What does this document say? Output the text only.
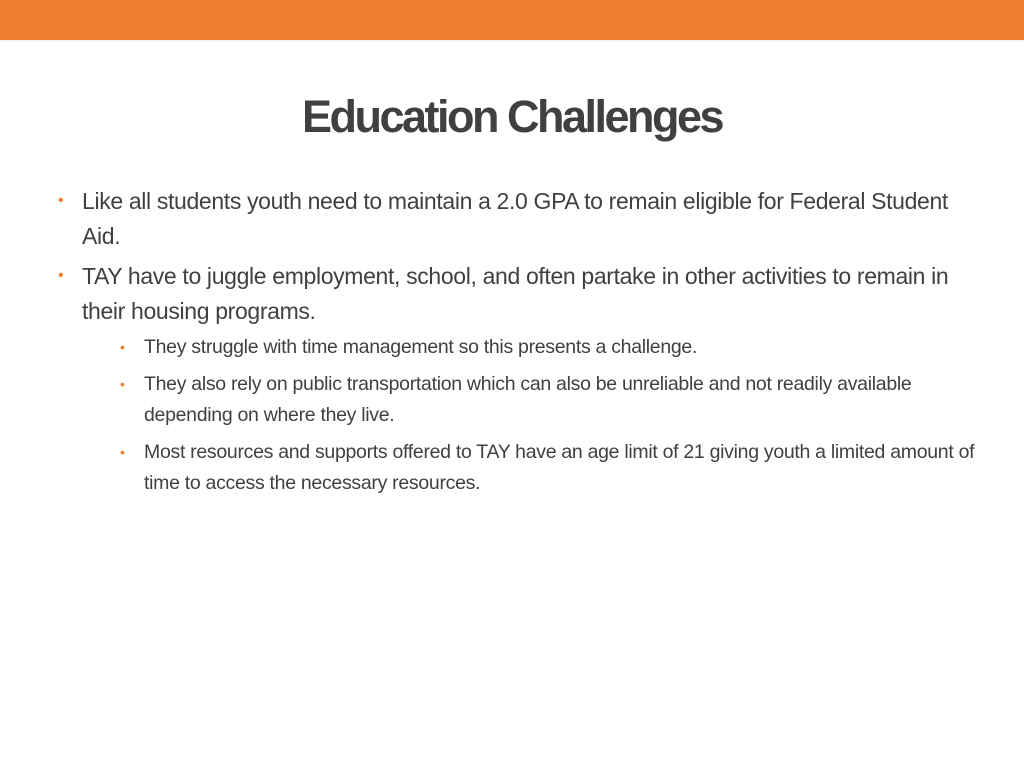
Education Challenges
• Like all students youth need to maintain a 2.0 GPA to remain eligible for Federal Student Aid.
• TAY have to juggle employment, school, and often partake in other activities to remain in their housing programs.
• They struggle with time management so this presents a challenge.
• They also rely on public transportation which can also be unreliable and not readily available depending on where they live.
• Most resources and supports offered to TAY have an age limit of 21 giving youth a limited amount of time to access the necessary resources.
